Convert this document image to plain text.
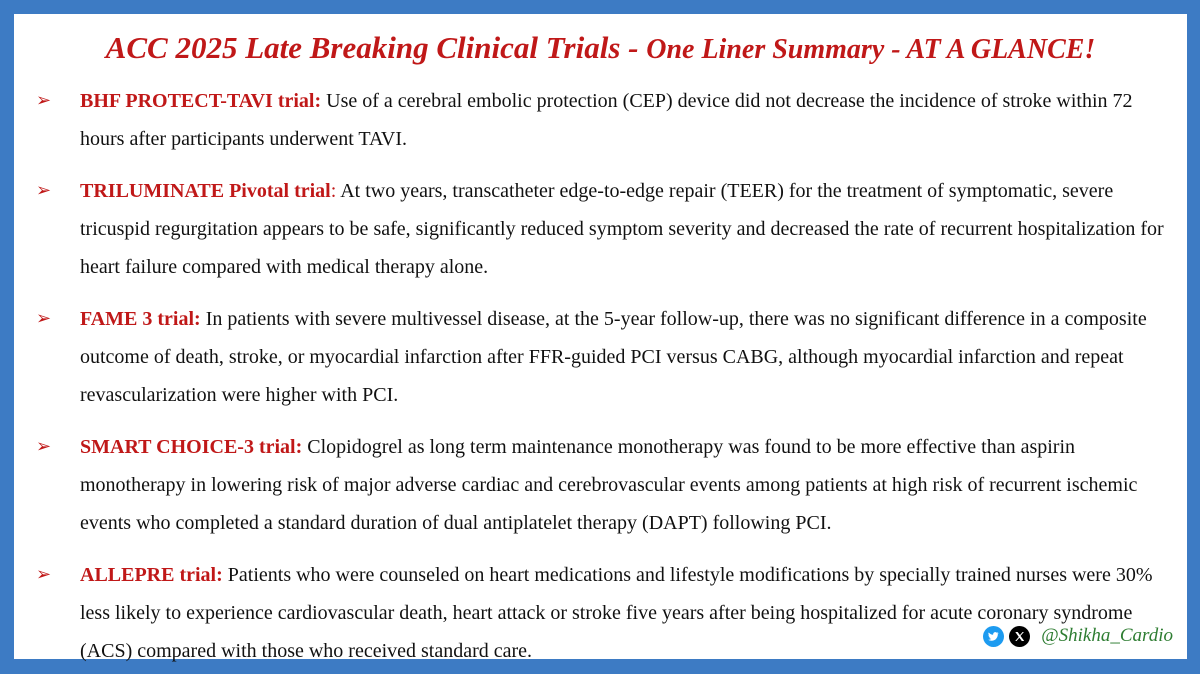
ACC 2025 Late Breaking Clinical Trials - One Liner Summary - AT A GLANCE!
➢ BHF PROTECT-TAVI trial: Use of a cerebral embolic protection (CEP) device did not decrease the incidence of stroke within 72 hours after participants underwent TAVI.
➢ TRILUMINATE Pivotal trial: At two years, transcatheter edge-to-edge repair (TEER) for the treatment of symptomatic, severe tricuspid regurgitation appears to be safe, significantly reduced symptom severity and decreased the rate of recurrent hospitalization for heart failure compared with medical therapy alone.
➢ FAME 3 trial: In patients with severe multivessel disease, at the 5-year follow-up, there was no significant difference in a composite outcome of death, stroke, or myocardial infarction after FFR-guided PCI versus CABG, although myocardial infarction and repeat revascularization were higher with PCI.
➢ SMART CHOICE-3 trial: Clopidogrel as long term maintenance monotherapy was found to be more effective than aspirin monotherapy in lowering risk of major adverse cardiac and cerebrovascular events among patients at high risk of recurrent ischemic events who completed a standard duration of dual antiplatelet therapy (DAPT) following PCI.
➢ ALLEPRE trial: Patients who were counseled on heart medications and lifestyle modifications by specially trained nurses were 30% less likely to experience cardiovascular death, heart attack or stroke five years after being hospitalized for acute coronary syndrome (ACS) compared with those who received standard care.
@Shikha_Cardio
